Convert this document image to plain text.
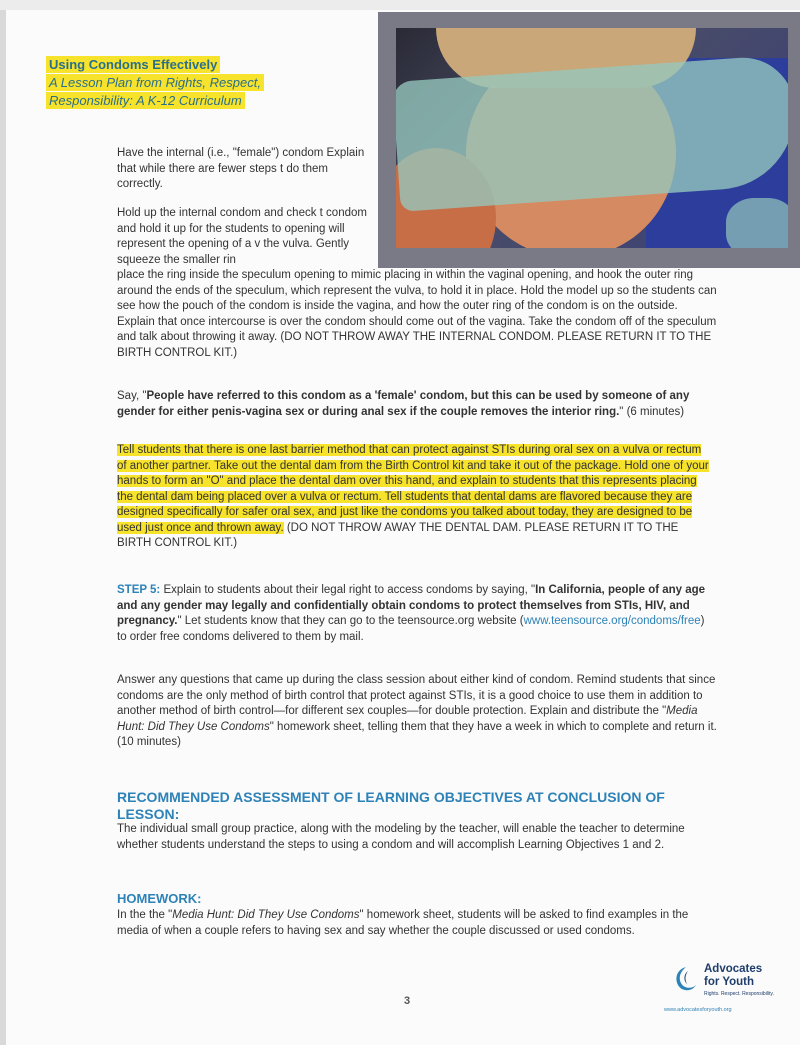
Using Condoms Effectively
A Lesson Plan from Rights, Respect,
Responsibility: A K-12 Curriculum

Have the internal (i.e., "female") condom Explain that while there are fewer steps t do them correctly.

Hold up the internal condom and check t condom and hold it up for the students to opening will represent the opening of a v the vulva. Gently squeeze the smaller rin

place the ring inside the speculum opening to mimic placing in within the vaginal opening, and hook the outer ring around the ends of the speculum, which represent the vulva, to hold it in place. Hold the model up so the students can see how the pouch of the condom is inside the vagina, and how the outer ring of the condom is on the outside. Explain that once intercourse is over the condom should come out of the vagina. Take the condom off of the speculum and talk about throwing it away. (DO NOT THROW AWAY THE INTERNAL CONDOM. PLEASE RETURN IT TO THE BIRTH CONTROL KIT.)

Say, "People have referred to this condom as a 'female' condom, but this can be used by someone of any gender for either penis-vagina sex or during anal sex if the couple removes the interior ring." (6 minutes)

Tell students that there is one last barrier method that can protect against STIs during oral sex on a vulva or rectum of another partner. Take out the dental dam from the Birth Control kit and take it out of the package. Hold one of your hands to form an "O" and place the dental dam over this hand, and explain to students that this represents placing the dental dam being placed over a vulva or rectum. Tell students that dental dams are flavored because they are designed specifically for safer oral sex, and just like the condoms you talked about today, they are designed to be used just once and thrown away. (DO NOT THROW AWAY THE DENTAL DAM. PLEASE RETURN IT TO THE BIRTH CONTROL KIT.)

STEP 5: Explain to students about their legal right to access condoms by saying, "In California, people of any age and any gender may legally and confidentially obtain condoms to protect themselves from STIs, HIV, and pregnancy." Let students know that they can go to the teensource.org website (www.teensource.org/condoms/free) to order free condoms delivered to them by mail.

Answer any questions that came up during the class session about either kind of condom. Remind students that since condoms are the only method of birth control that protect against STIs, it is a good choice to use them in addition to another method of birth control—for different sex couples—for double protection. Explain and distribute the "Media Hunt: Did They Use Condoms" homework sheet, telling them that they have a week in which to complete and return it. (10 minutes)

RECOMMENDED ASSESSMENT OF LEARNING OBJECTIVES AT CONCLUSION OF LESSON:

The individual small group practice, along with the modeling by the teacher, will enable the teacher to determine whether students understand the steps to using a condom and will accomplish Learning Objectives 1 and 2.

HOMEWORK:

In the the "Media Hunt: Did They Use Condoms" homework sheet, students will be asked to find examples in the media of when a couple refers to having sex and say whether the couple discussed or used condoms.

3
Advocates
for Youth
Rights. Respect. Responsibility.
www.advocatesforyouth.org
